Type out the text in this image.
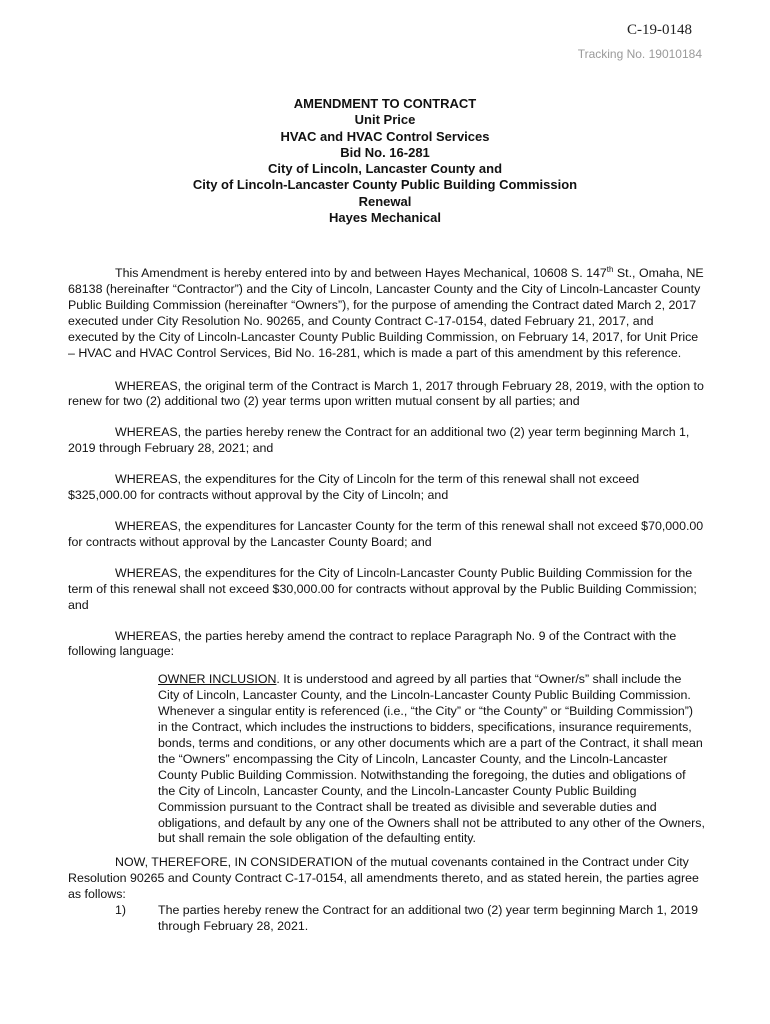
C-19-0148
Tracking No. 19010184
AMENDMENT TO CONTRACT
Unit Price
HVAC and HVAC Control Services
Bid No. 16-281
City of Lincoln, Lancaster County and
City of Lincoln-Lancaster County Public Building Commission
Renewal
Hayes Mechanical

This Amendment is hereby entered into by and between Hayes Mechanical, 10608 S. 147th St., Omaha, NE 68138 (hereinafter “Contractor”) and the City of Lincoln, Lancaster County and the City of Lincoln-Lancaster County Public Building Commission (hereinafter “Owners”), for the purpose of amending the Contract dated March 2, 2017 executed under City Resolution No. 90265, and County Contract C-17-0154, dated February 21, 2017, and executed by the City of Lincoln-Lancaster County Public Building Commission, on February 14, 2017, for Unit Price – HVAC and HVAC Control Services, Bid No. 16-281, which is made a part of this amendment by this reference.

WHEREAS, the original term of the Contract is March 1, 2017 through February 28, 2019, with the option to renew for two (2) additional two (2) year terms upon written mutual consent by all parties; and

WHEREAS, the parties hereby renew the Contract for an additional two (2) year term beginning March 1, 2019 through February 28, 2021; and

WHEREAS, the expenditures for the City of Lincoln for the term of this renewal shall not exceed $325,000.00 for contracts without approval by the City of Lincoln; and

WHEREAS, the expenditures for Lancaster County for the term of this renewal shall not exceed $70,000.00 for contracts without approval by the Lancaster County Board; and

WHEREAS, the expenditures for the City of Lincoln-Lancaster County Public Building Commission for the term of this renewal shall not exceed $30,000.00 for contracts without approval by the Public Building Commission; and

WHEREAS, the parties hereby amend the contract to replace Paragraph No. 9 of the Contract with the following language:

OWNER INCLUSION. It is understood and agreed by all parties that “Owner/s” shall include the City of Lincoln, Lancaster County, and the Lincoln-Lancaster County Public Building Commission. Whenever a singular entity is referenced (i.e., “the City” or “the County” or “Building Commission”) in the Contract, which includes the instructions to bidders, specifications, insurance requirements, bonds, terms and conditions, or any other documents which are a part of the Contract, it shall mean the “Owners” encompassing the City of Lincoln, Lancaster County, and the Lincoln-Lancaster County Public Building Commission. Notwithstanding the foregoing, the duties and obligations of the City of Lincoln, Lancaster County, and the Lincoln-Lancaster County Public Building Commission pursuant to the Contract shall be treated as divisible and severable duties and obligations, and default by any one of the Owners shall not be attributed to any other of the Owners, but shall remain the sole obligation of the defaulting entity.

NOW, THEREFORE, IN CONSIDERATION of the mutual covenants contained in the Contract under City Resolution 90265 and County Contract C-17-0154, all amendments thereto, and as stated herein, the parties agree as follows:

1)	The parties hereby renew the Contract for an additional two (2) year term beginning March 1, 2019 through February 28, 2021.
